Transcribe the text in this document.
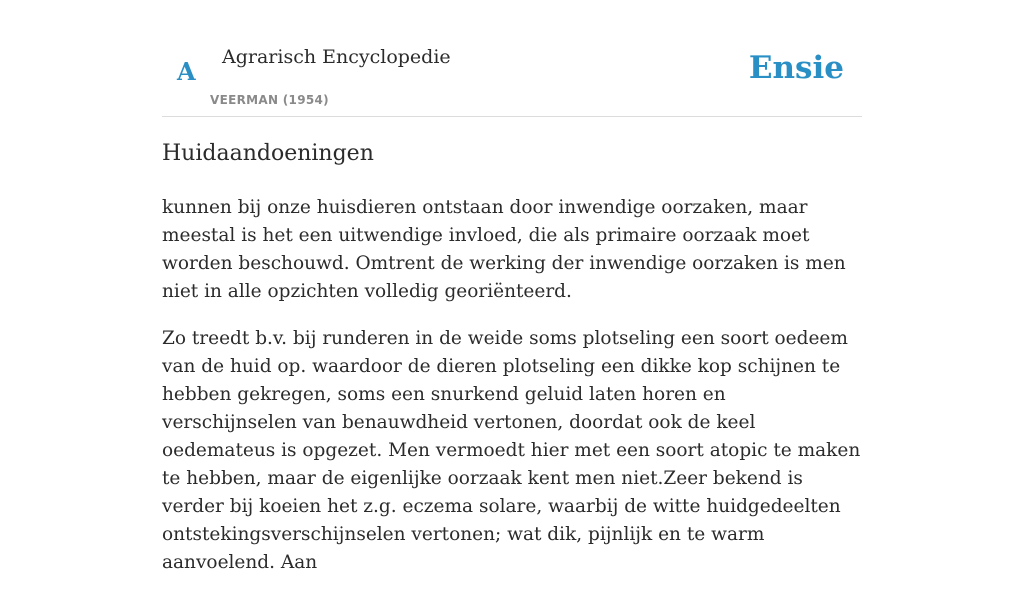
A Agrarisch Encyclopedie
VEERMAN (1954)
Ensie
Huidaandoeningen

kunnen bij onze huisdieren ontstaan door inwendige oorzaken, maar meestal is het een uitwendige invloed, die als primaire oorzaak moet worden beschouwd. Omtrent de werking der inwendige oorzaken is men niet in alle opzichten volledig georiënteerd.

Zo treedt b.v. bij runderen in de weide soms plotseling een soort oedeem van de huid op. waardoor de dieren plotseling een dikke kop schijnen te hebben gekregen, soms een snurkend geluid laten horen en verschijnselen van benauwdheid vertonen, doordat ook de keel oedemateus is opgezet. Men vermoedt hier met een soort atopic te maken te hebben, maar de eigenlijke oorzaak kent men niet.Zeer bekend is verder bij koeien het z.g. eczema solare, waarbij de witte huidgedeelten ontstekingsverschijnselen vertonen; wat dik, pijnlijk en te warm aanvoelend. Aan
